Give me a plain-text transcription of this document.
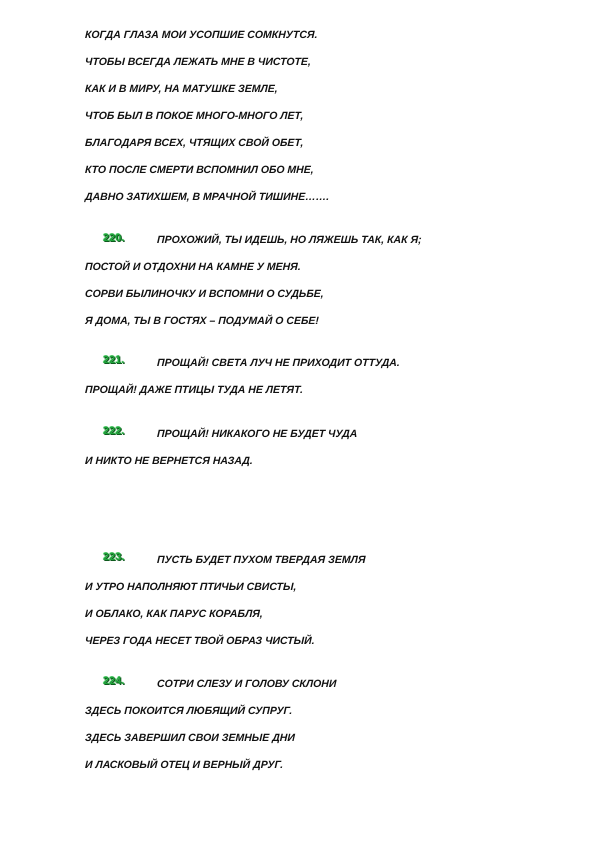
КОГДА ГЛАЗА МОИ УСОПШИЕ СОМКНУТСЯ.
ЧТОБЫ ВСЕГДА ЛЕЖАТЬ МНЕ В ЧИСТОТЕ,
КАК И В МИРУ, НА МАТУШКЕ ЗЕМЛЕ,
ЧТОБ БЫЛ В ПОКОЕ МНОГО-МНОГО ЛЕТ,
БЛАГОДАРЯ ВСЕХ, ЧТЯЩИХ СВОЙ ОБЕТ,
КТО ПОСЛЕ СМЕРТИ ВСПОМНИЛ ОБО МНЕ,
ДАВНО ЗАТИХШЕМ, В МРАЧНОЙ ТИШИНЕ…….
220.	ПРОХОЖИЙ, ТЫ ИДЕШЬ, НО ЛЯЖЕШЬ ТАК, КАК Я;
ПОСТОЙ И ОТДОХНИ НА КАМНЕ У МЕНЯ.
СОРВИ БЫЛИНОЧКУ И ВСПОМНИ О СУДЬБЕ,
Я ДОМА, ТЫ В ГОСТЯХ – ПОДУМАЙ О СЕБЕ!
221.	ПРОЩАЙ! СВЕТА ЛУЧ НЕ ПРИХОДИТ ОТТУДА.
ПРОЩАЙ! ДАЖЕ ПТИЦЫ ТУДА НЕ ЛЕТЯТ.
222.	ПРОЩАЙ! НИКАКОГО НЕ БУДЕТ ЧУДА
И НИКТО НЕ ВЕРНЕТСЯ НАЗАД.
223.	ПУСТЬ БУДЕТ ПУХОМ ТВЕРДАЯ ЗЕМЛЯ
И УТРО НАПОЛНЯЮТ ПТИЧЬИ СВИСТЫ,
И ОБЛАКО, КАК ПАРУС КОРАБЛЯ,
ЧЕРЕЗ ГОДА НЕСЕТ ТВОЙ ОБРАЗ ЧИСТЫЙ.
224.	СОТРИ СЛЕЗУ И ГОЛОВУ СКЛОНИ
ЗДЕСЬ ПОКОИТСЯ ЛЮБЯЩИЙ СУПРУГ.
ЗДЕСЬ ЗАВЕРШИЛ СВОИ ЗЕМНЫЕ ДНИ
И ЛАСКОВЫЙ ОТЕЦ И ВЕРНЫЙ ДРУГ.
